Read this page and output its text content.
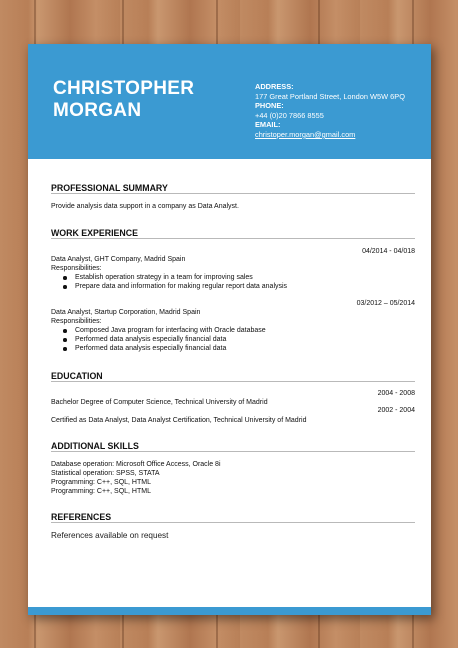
CHRISTOPHER
MORGAN
ADDRESS:
177 Great Portland Street, London W5W 6PQ
PHONE:
+44 (0)20 7866 8555
EMAIL:
christoper.morgan@gmail.com
PROFESSIONAL SUMMARY
Provide analysis data support in a company as Data Analyst.
WORK EXPERIENCE
04/2014 - 04/018
Data Analyst, GHT Company, Madrid Spain
Responsibilities:
Establish operation strategy in a team for improving sales
Prepare data and information for making regular report data analysis
03/2012 – 05/2014
Data Analyst, Startup Corporation, Madrid Spain
Responsibilities:
Composed Java program for interfacing with Oracle database
Performed data analysis especially financial data
Performed data analysis especially financial data
EDUCATION
2004 - 2008
Bachelor Degree of Computer Science, Technical University of Madrid
2002 - 2004
Certified as Data Analyst, Data Analyst Certification, Technical University of Madrid
ADDITIONAL SKILLS
Database operation: Microsoft Office Access, Oracle 8i
Statistical operation: SPSS, STATA
Programming: C++, SQL, HTML
Programming: C++, SQL, HTML
REFERENCES
References available on request
